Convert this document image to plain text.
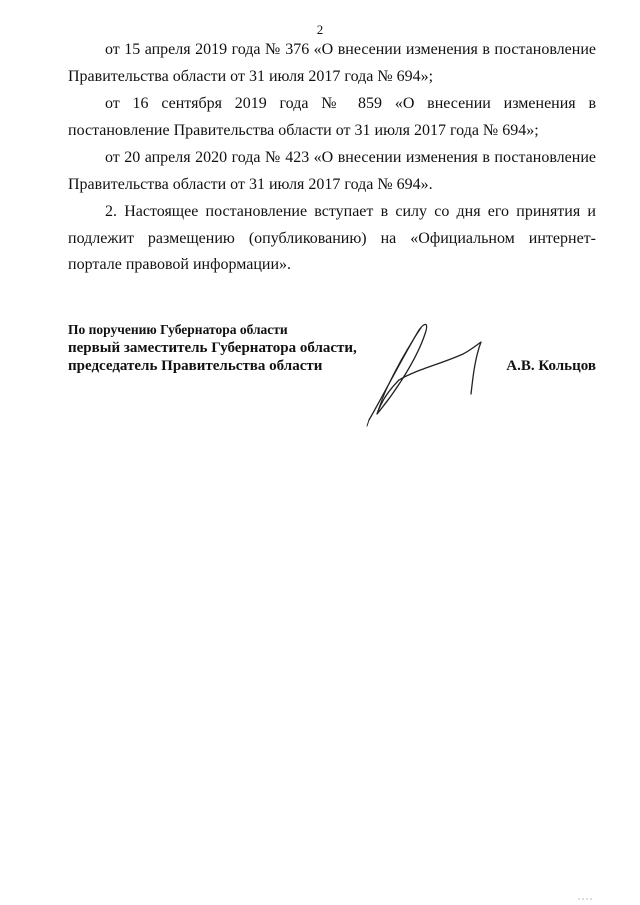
2

от 15 апреля 2019 года № 376 «О внесении изменения в постановление Правительства области от 31 июля 2017 года № 694»;

от 16 сентября 2019 года № 859 «О внесении изменения в постановление Правительства области от 31 июля 2017 года № 694»;

от 20 апреля 2020 года № 423 «О внесении изменения в постановление Правительства области от 31 июля 2017 года № 694».

2. Настоящее постановление вступает в силу со дня его принятия и подлежит размещению (опубликованию) на «Официальном интернет-портале правовой информации».

По поручению Губернатора области
первый заместитель Губернатора области,
председатель Правительства области	А.В. Кольцов
